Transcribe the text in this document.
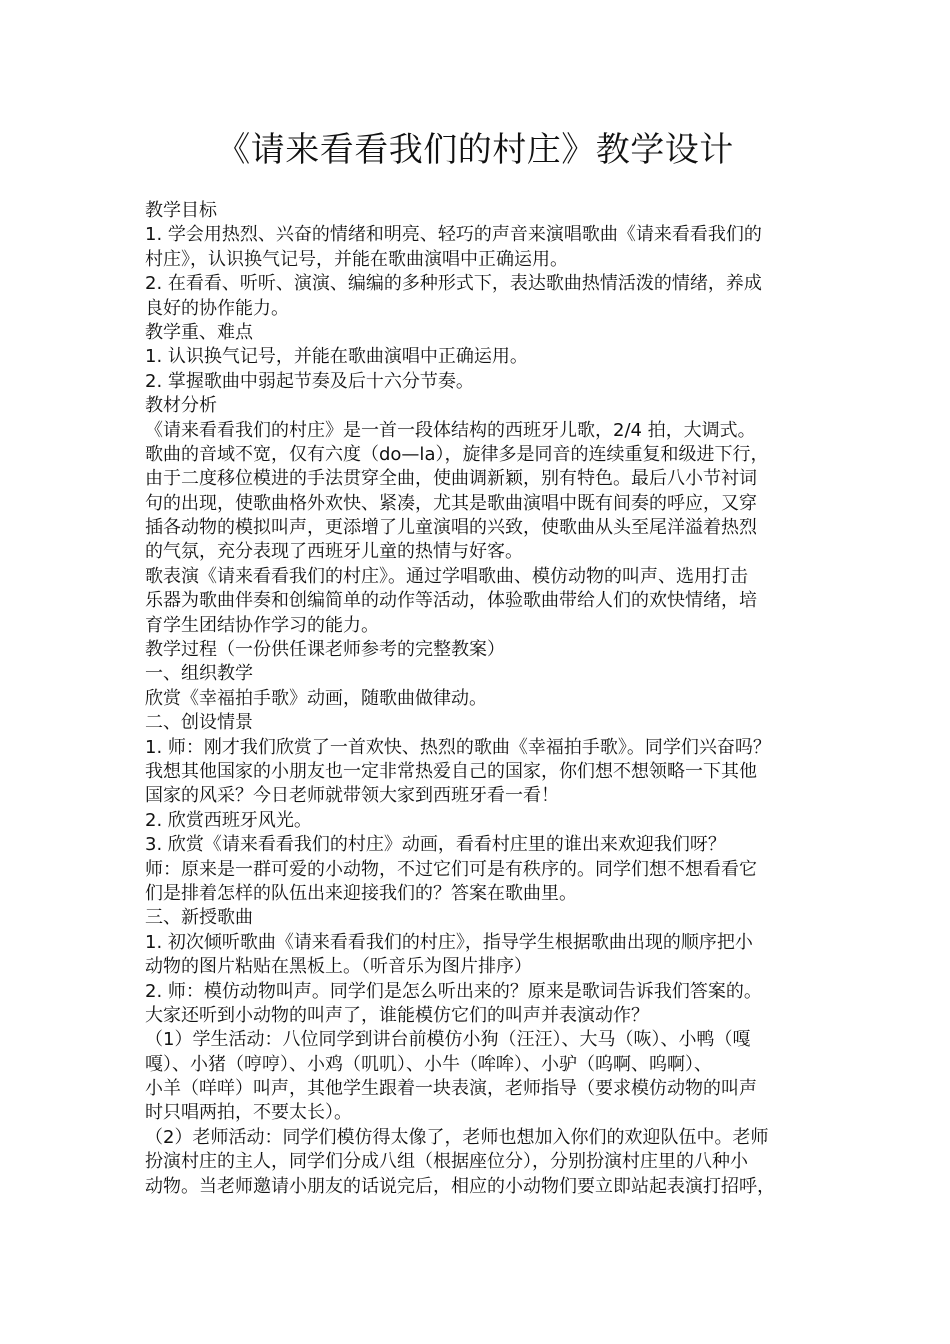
《请来看看我们的村庄》教学设计
教学目标
1. 学会用热烈、兴奋的情绪和明亮、轻巧的声音来演唱歌曲《请来看看我们的
村庄》，认识换气记号，并能在歌曲演唱中正确运用。
2. 在看看、听听、演演、编编的多种形式下，表达歌曲热情活泼的情绪，养成
良好的协作能力。
教学重、难点
1. 认识换气记号，并能在歌曲演唱中正确运用。
2. 掌握歌曲中弱起节奏及后十六分节奏。
教材分析
《请来看看我们的村庄》是一首一段体结构的西班牙儿歌，2/4 拍，大调式。
歌曲的音域不宽，仅有六度（do—la），旋律多是同音的连续重复和级进下行，
由于二度移位模进的手法贯穿全曲，使曲调新颖，别有特色。最后八小节衬词
句的出现，使歌曲格外欢快、紧凑，尤其是歌曲演唱中既有间奏的呼应，又穿
插各动物的模拟叫声，更添增了儿童演唱的兴致，使歌曲从头至尾洋溢着热烈
的气氛，充分表现了西班牙儿童的热情与好客。
歌表演《请来看看我们的村庄》。通过学唱歌曲、模仿动物的叫声、选用打击
乐器为歌曲伴奏和创编简单的动作等活动，体验歌曲带给人们的欢快情绪，培
育学生团结协作学习的能力。
教学过程（一份供任课老师参考的完整教案）
一、组织教学
欣赏《幸福拍手歌》动画，随歌曲做律动。
二、创设情景
1. 师：刚才我们欣赏了一首欢快、热烈的歌曲《幸福拍手歌》。同学们兴奋吗？
我想其他国家的小朋友也一定非常热爱自己的国家，你们想不想领略一下其他
国家的风采？今日老师就带领大家到西班牙看一看！
2. 欣赏西班牙风光。
3. 欣赏《请来看看我们的村庄》动画，看看村庄里的谁出来欢迎我们呀？
师：原来是一群可爱的小动物，不过它们可是有秩序的。同学们想不想看看它
们是排着怎样的队伍出来迎接我们的？答案在歌曲里。
三、新授歌曲
1. 初次倾听歌曲《请来看看我们的村庄》，指导学生根据歌曲出现的顺序把小
动物的图片粘贴在黑板上。（听音乐为图片排序）
2. 师：模仿动物叫声。同学们是怎么听出来的？原来是歌词告诉我们答案的。
大家还听到小动物的叫声了，谁能模仿它们的叫声并表演动作？
（1）学生活动：八位同学到讲台前模仿小狗（汪汪）、大马（咴）、小鸭（嘎
嘎）、小猪（哼哼）、小鸡（叽叽）、小牛（哞哞）、小驴（呜啊、呜啊）、
小羊（咩咩）叫声，其他学生跟着一块表演，老师指导（要求模仿动物的叫声
时只唱两拍，不要太长）。
（2）老师活动：同学们模仿得太像了，老师也想加入你们的欢迎队伍中。老师
扮演村庄的主人，同学们分成八组（根据座位分），分别扮演村庄里的八种小
动物。当老师邀请小朋友的话说完后，相应的小动物们要立即站起表演打招呼，
